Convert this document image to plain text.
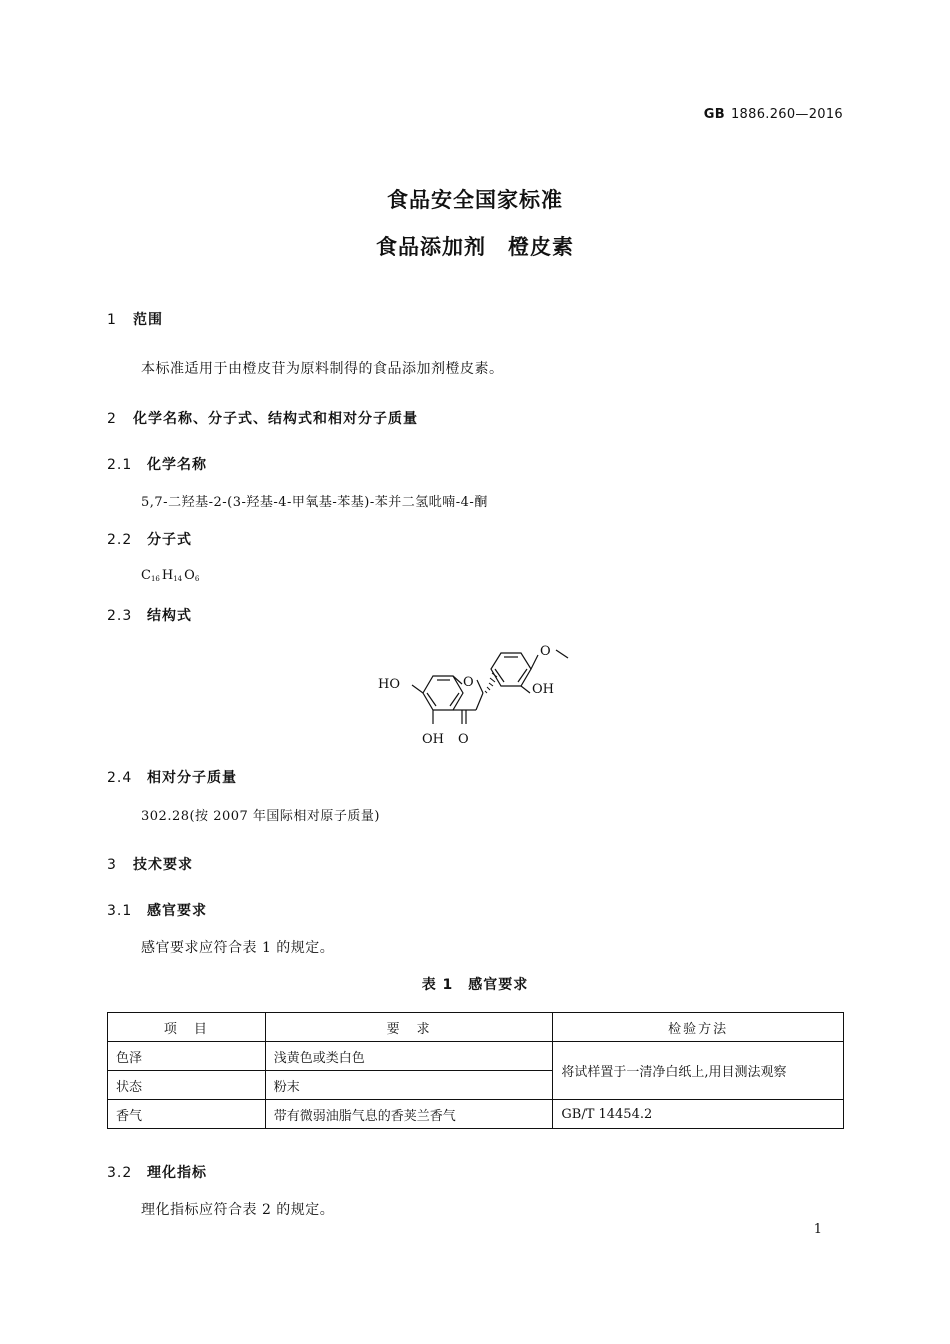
GB 1886.260—2016
食品安全国家标准
食品添加剂　橙皮素
1 范围
本标准适用于由橙皮苷为原料制得的食品添加剂橙皮素。
2 化学名称、分子式、结构式和相对分子质量
2.1 化学名称
5,7-二羟基-2-(3-羟基-4-甲氧基-苯基)-苯并二氢吡喃-4-酮
2.2 分子式
$C_{16}$ $H_{14}$ $O_6$
2.3 结构式
HO
OH O
O
O
OH
2.4 相对分子质量
302.28(按 2007 年国际相对原子质量)
3 技术要求
3.1 感官要求
感官要求应符合表 1 的规定。
表 1　感官要求
项　目	要　求	检验方法
色泽	浅黄色或类白色	将试样置于一清净白纸上,用目测法观察
状态	粉末	
香气	带有微弱油脂气息的香荚兰香气	GB/T 14454.2
3.2 理化指标
理化指标应符合表 2 的规定。
1
